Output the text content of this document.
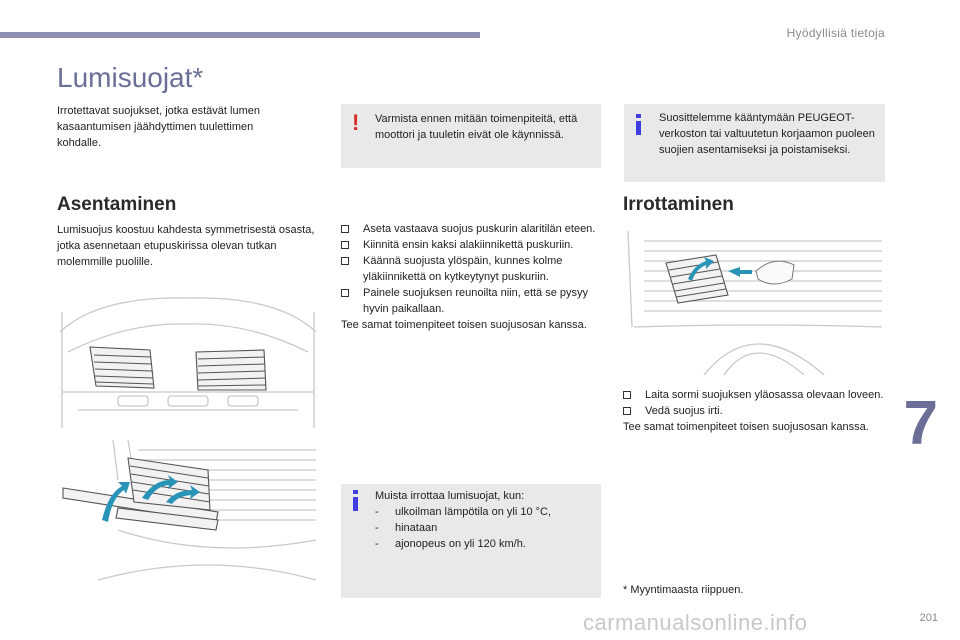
Hyödyllisiä tietoja
Lumisuojat*
Irrotettavat suojukset, jotka estävät lumen kasaantumisen jäähdyttimen tuulettimen kohdalle.
! Varmista ennen mitään toimenpiteitä, että moottori ja tuuletin eivät ole käynnissä.
Suosittelemme kääntymään PEUGEOT-verkoston tai valtuutetun korjaamon puoleen suojien asentamiseksi ja poistamiseksi.
Asentaminen
Lumisuojus koostuu kahdesta symmetrisestä osasta, jotka asennetaan etupuskirissa olevan tutkan molemmille puolille.
Aseta vastaava suojus puskurin alaritilän eteen.
Kiinnitä ensin kaksi alakiinnikettä puskuriin.
Käännä suojusta ylöspäin, kunnes kolme yläkiinnikettä on kytkeytynyt puskuriin.
Painele suojuksen reunoilta niin, että se pysyy hyvin paikallaan.
Tee samat toimenpiteet toisen suojusosan kanssa.
Irrottaminen
Laita sormi suojuksen yläosassa olevaan loveen.
Vedä suojus irti.
Tee samat toimenpiteet toisen suojusosan kanssa.
Muista irrottaa lumisuojat, kun:
- ulkoilman lämpötila on yli 10 °C,
- hinataan
- ajonopeus on yli 120 km/h.
* Myyntimaasta riippuen.
7
201
carmanualsonline.info
